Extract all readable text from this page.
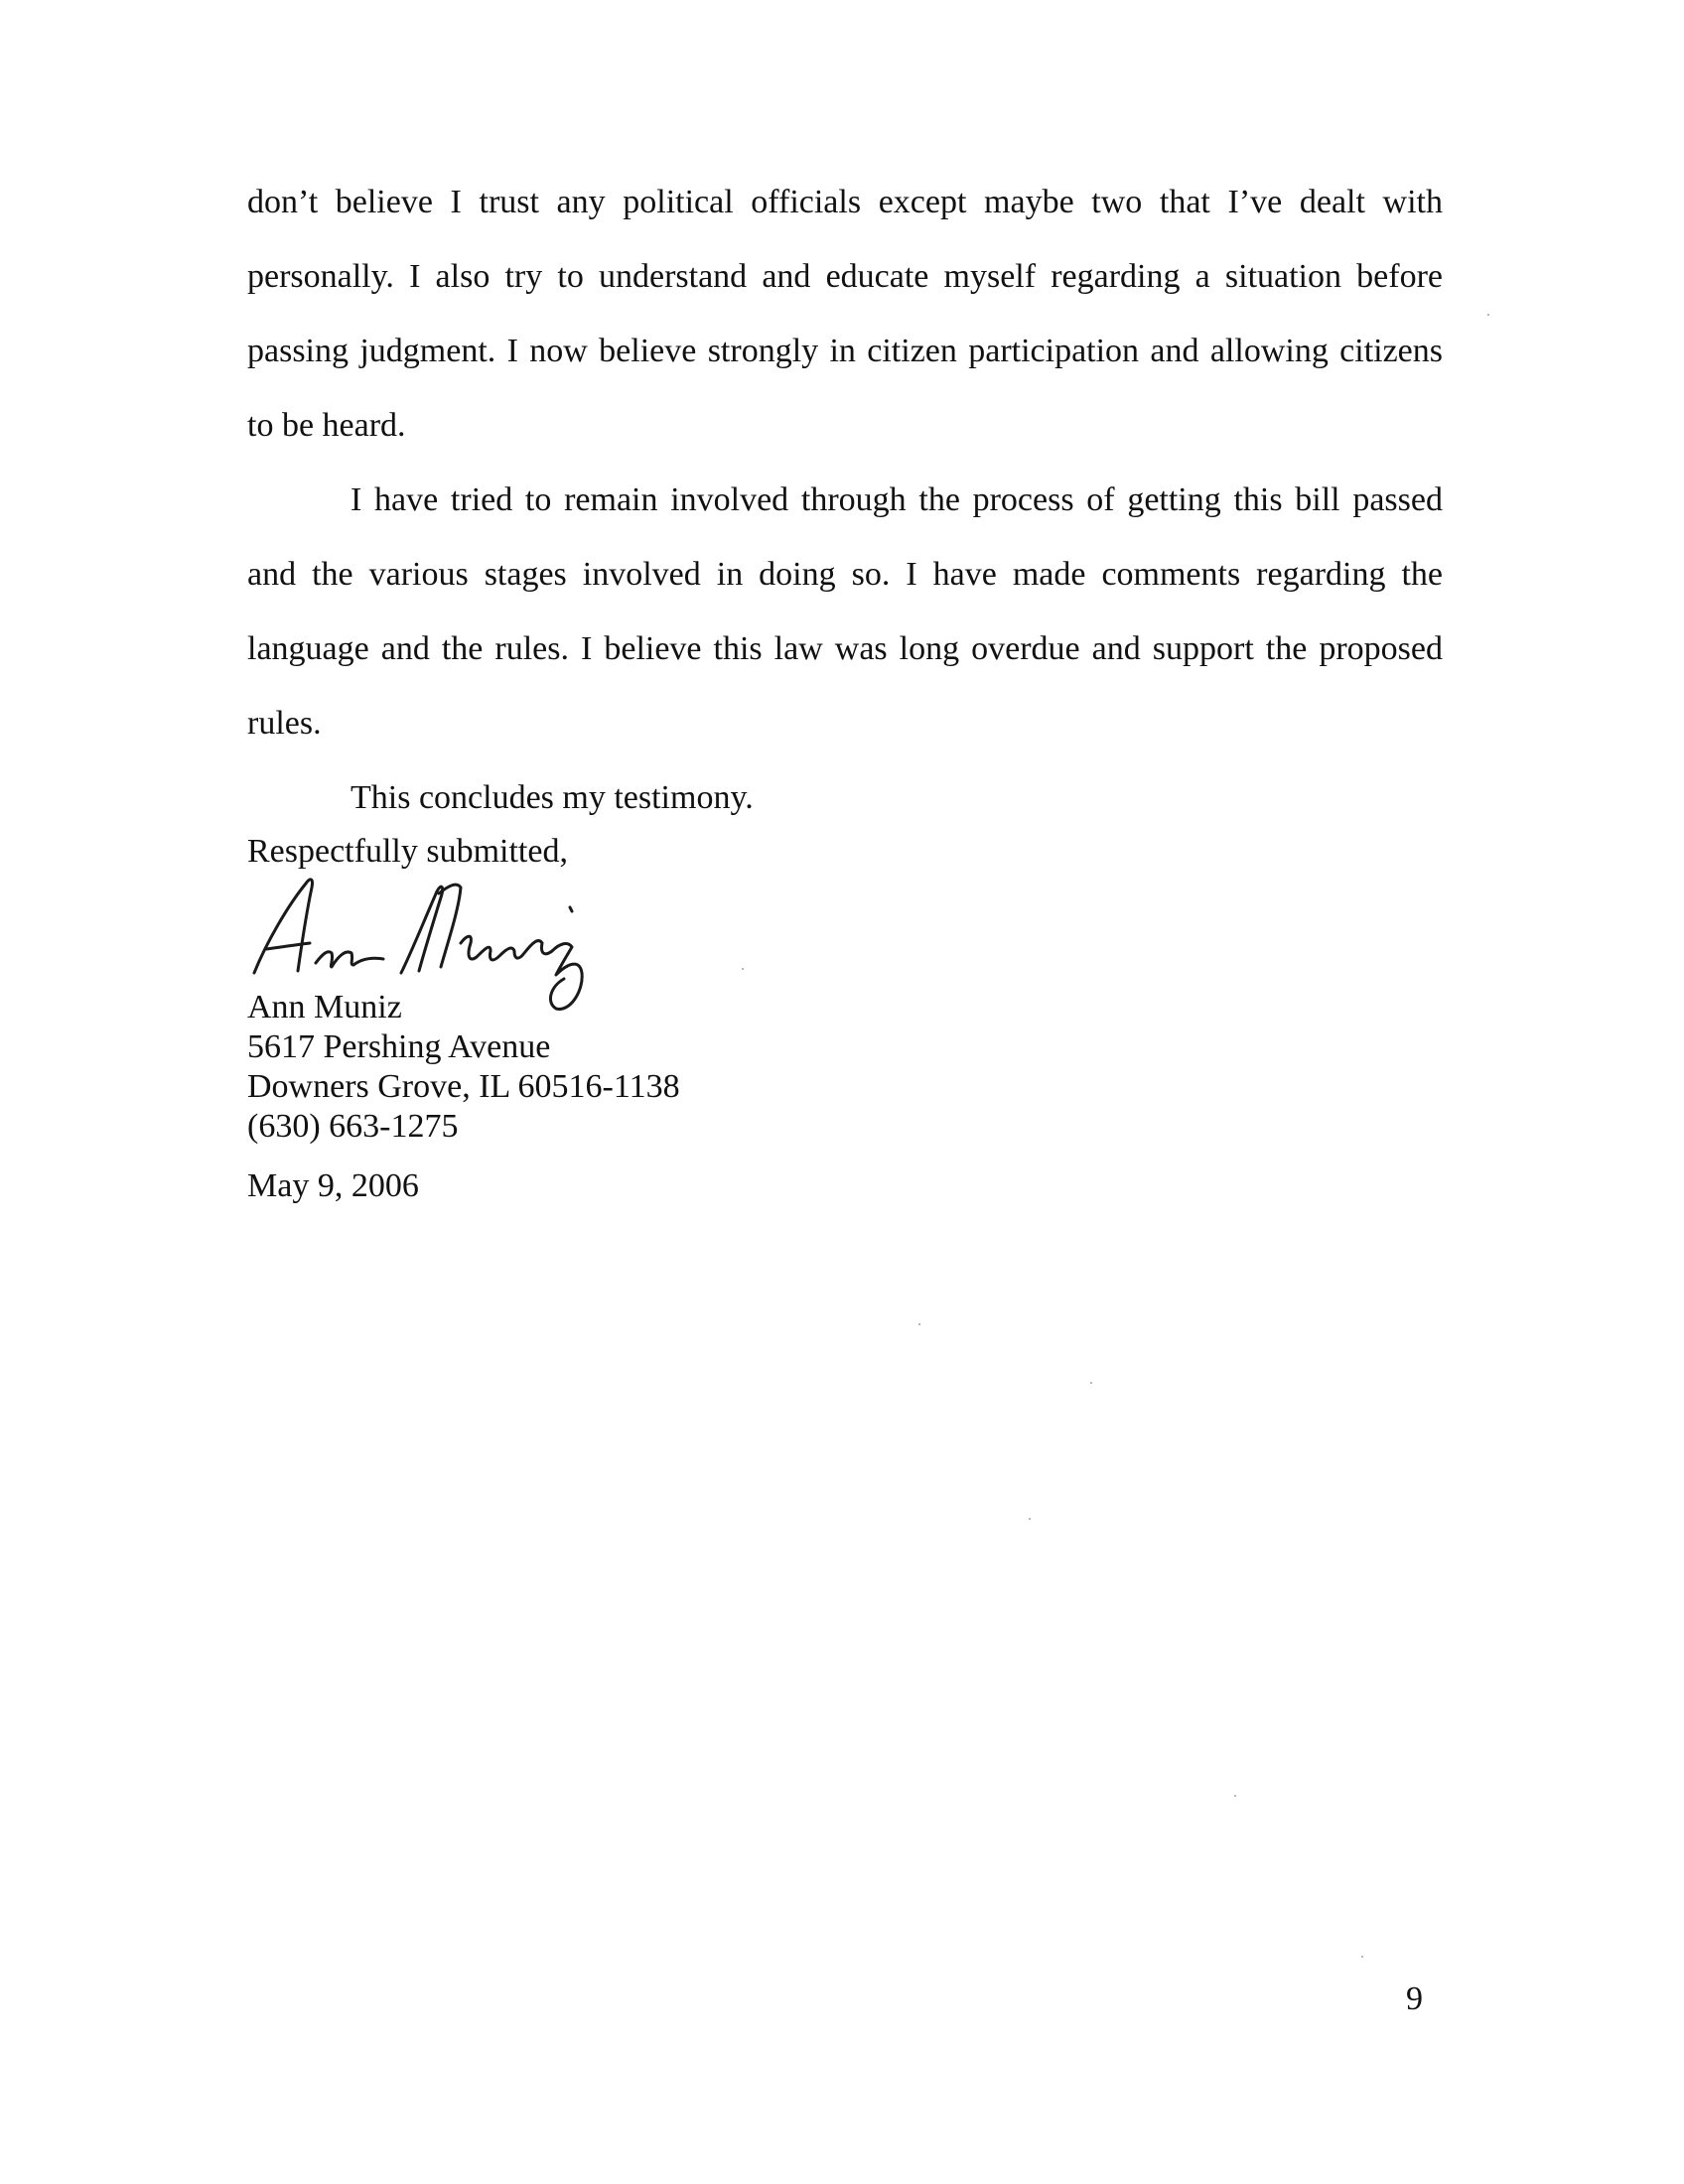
don’t believe I trust any political officials except maybe two that I’ve dealt with personally. I also try to understand and educate myself regarding a situation before passing judgment. I now believe strongly in citizen participation and allowing citizens to be heard.

I have tried to remain involved through the process of getting this bill passed and the various stages involved in doing so. I have made comments regarding the language and the rules. I believe this law was long overdue and support the proposed rules.

This concludes my testimony.

Respectfully submitted,

Ann Muniz
5617 Pershing Avenue
Downers Grove, IL 60516-1138
(630) 663-1275
May 9, 2006
9
